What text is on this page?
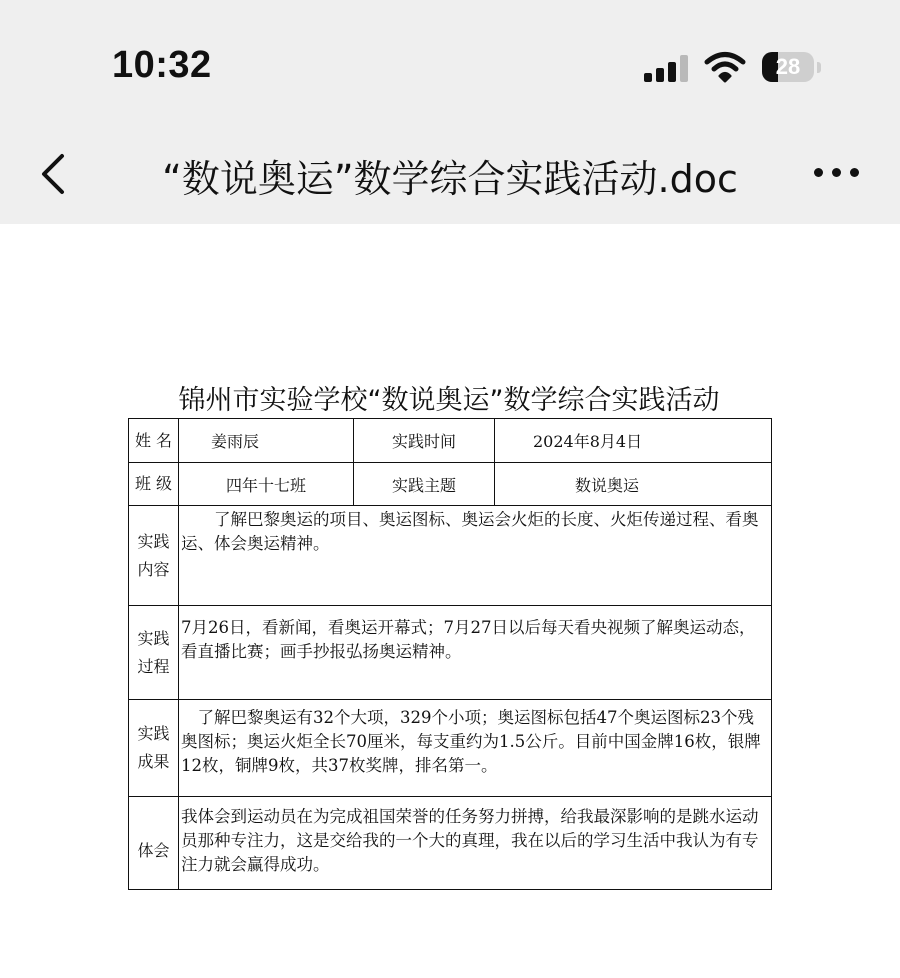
10:32	28
“数说奥运”数学综合实践活动.doc
锦州市实验学校“数说奥运”数学综合实践活动
姓 名	姜雨辰	实践时间	2024年8月4日
班 级	四年十七班	实践主题	数说奥运

实践
内容	　　了解巴黎奥运的项目、奥运图标、奥运会火炬的长度、火炬传递过程、看奥运、体会奥运精神。		

实践
过程	7月26日，看新闻，看奥运开幕式；7月27日以后每天看央视频了解奥运动态，看直播比赛；画手抄报弘扬奥运精神。		

实践
成果	　了解巴黎奥运有32个大项，329个小项；奥运图标包括47个奥运图标23个残奥图标；奥运火炬全长70厘米，每支重约为1.5公斤。目前中国金牌16枚，银牌12枚，铜牌9枚，共37枚奖牌，排名第一。		

体会	我体会到运动员在为完成祖国荣誉的任务努力拼搏，给我最深影响的是跳水运动员那种专注力，这是交给我的一个大的真理，我在以后的学习生活中我认为有专注力就会赢得成功。		
